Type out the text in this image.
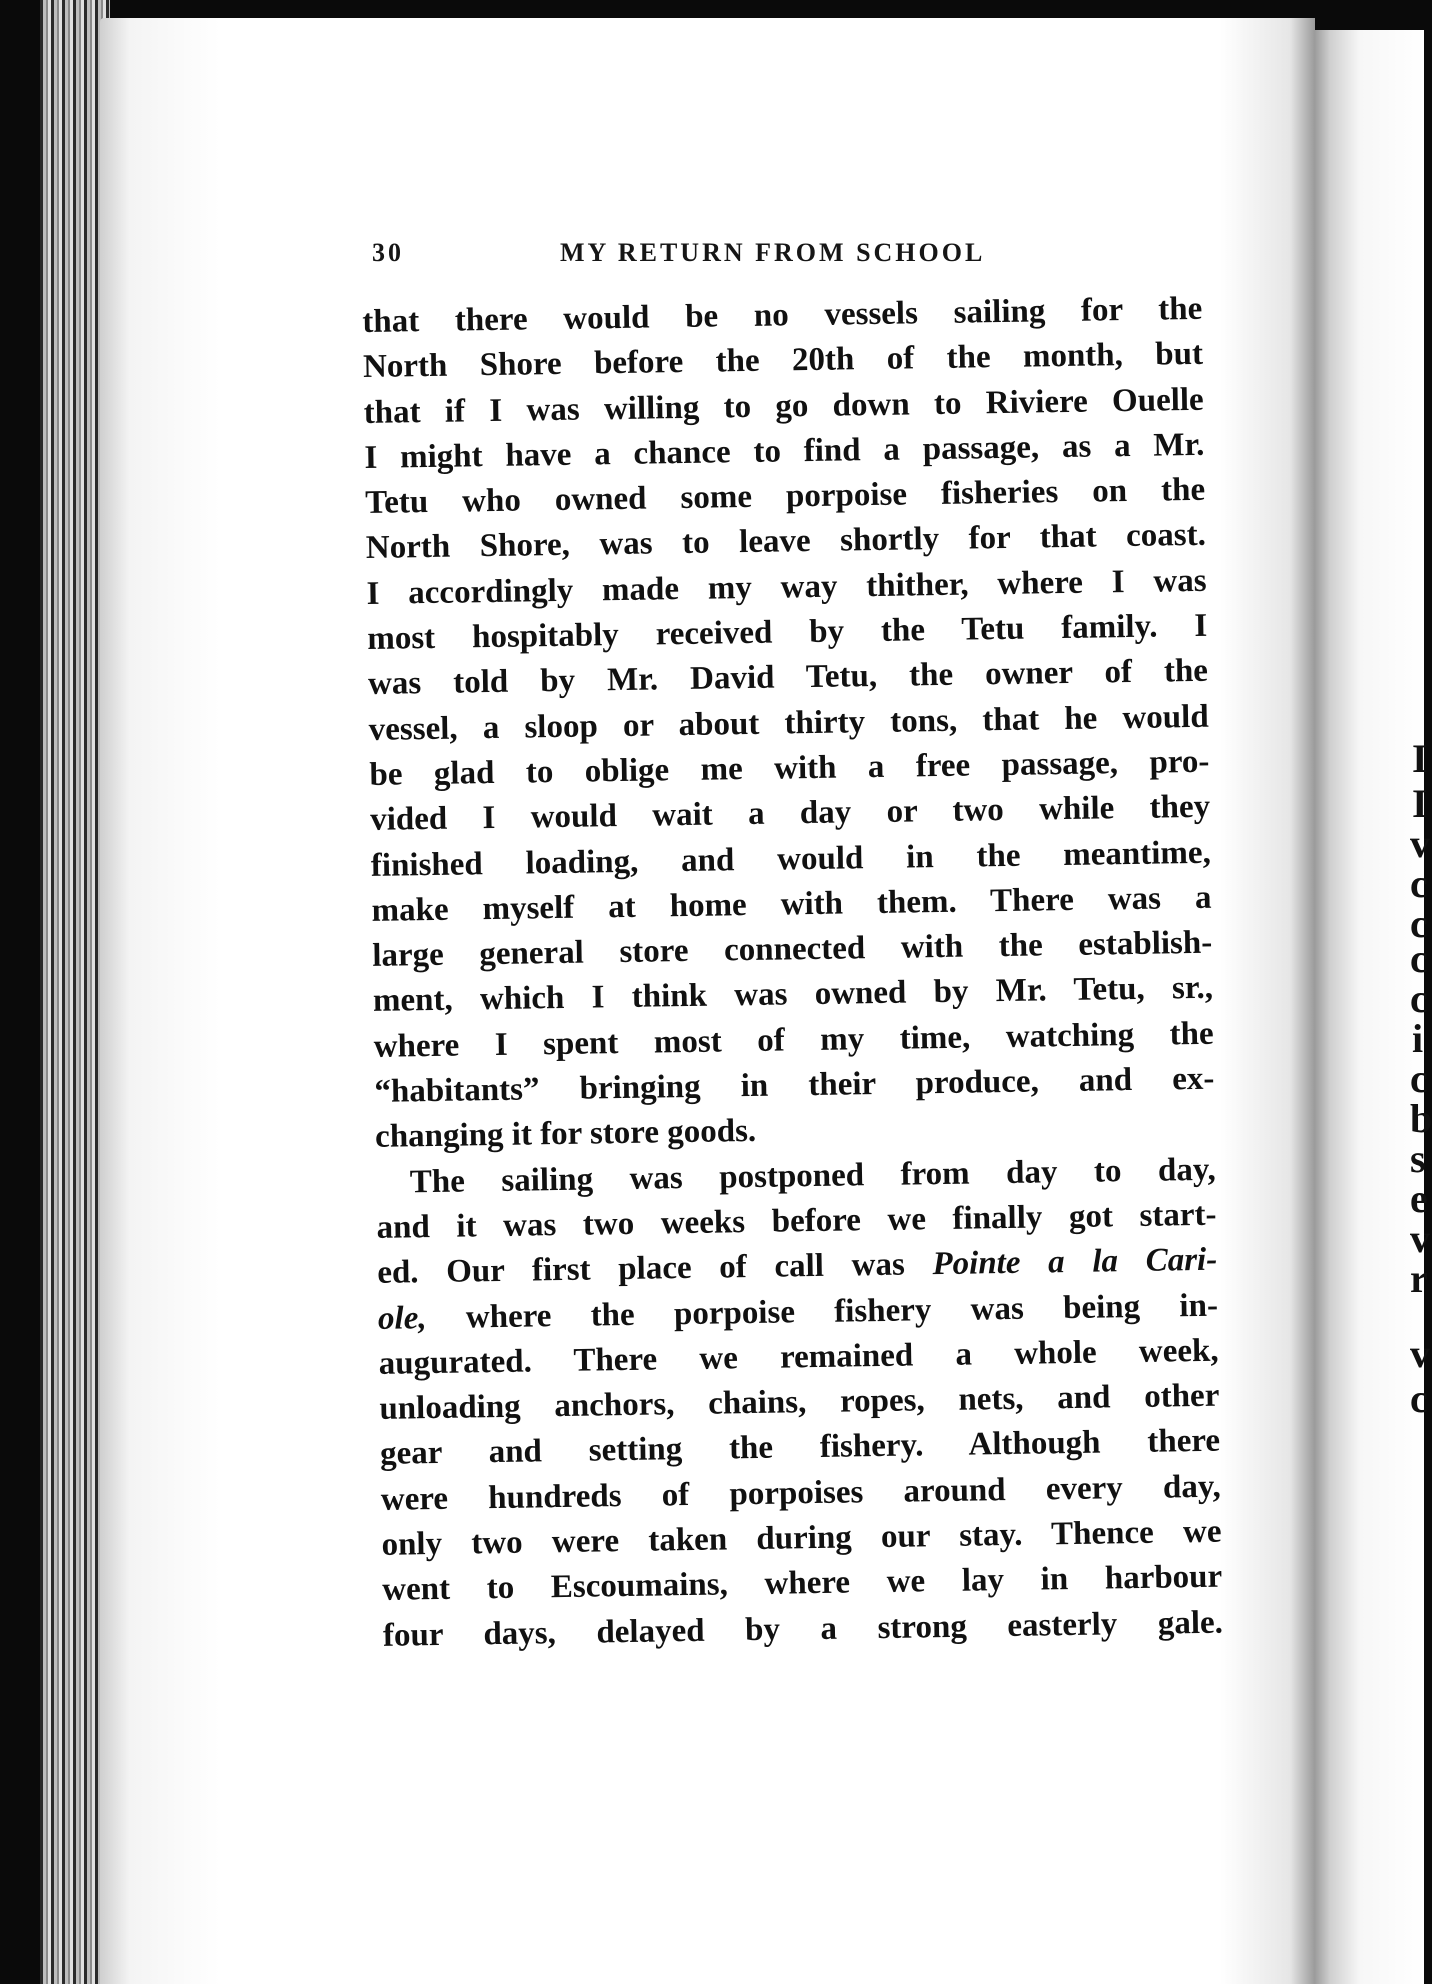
I
I
v
c
c
c
c
i
c
b
s
e
v
r
v
c
30	MY RETURN FROM SCHOOL

that there would be no vessels sailing for the

North Shore before the 20th of the month, but

that if I was willing to go down to Riviere Ouelle

I might have a chance to find a passage, as a Mr.

Tetu who owned some porpoise fisheries on the

North Shore, was to leave shortly for that coast.

I accordingly made my way thither, where I was

most hospitably received by the Tetu family. I

was told by Mr. David Tetu, the owner of the

vessel, a sloop or about thirty tons, that he would

be glad to oblige me with a free passage, pro-

vided I would wait a day or two while they

finished loading, and would in the meantime,

make myself at home with them. There was a

large general store connected with the establish-

ment, which I think was owned by Mr. Tetu, sr.,

where I spent most of my time, watching the

“habitants” bringing in their produce, and ex-

changing it for store goods.

The sailing was postponed from day to day,

and it was two weeks before we finally got start-

ed. Our first place of call was Pointe a la Cari-

ole, where the porpoise fishery was being in-

augurated. There we remained a whole week,

unloading anchors, chains, ropes, nets, and other

gear and setting the fishery. Although there

were hundreds of porpoises around every day,

only two were taken during our stay. Thence we

went to Escoumains, where we lay in harbour

four days, delayed by a strong easterly gale.
